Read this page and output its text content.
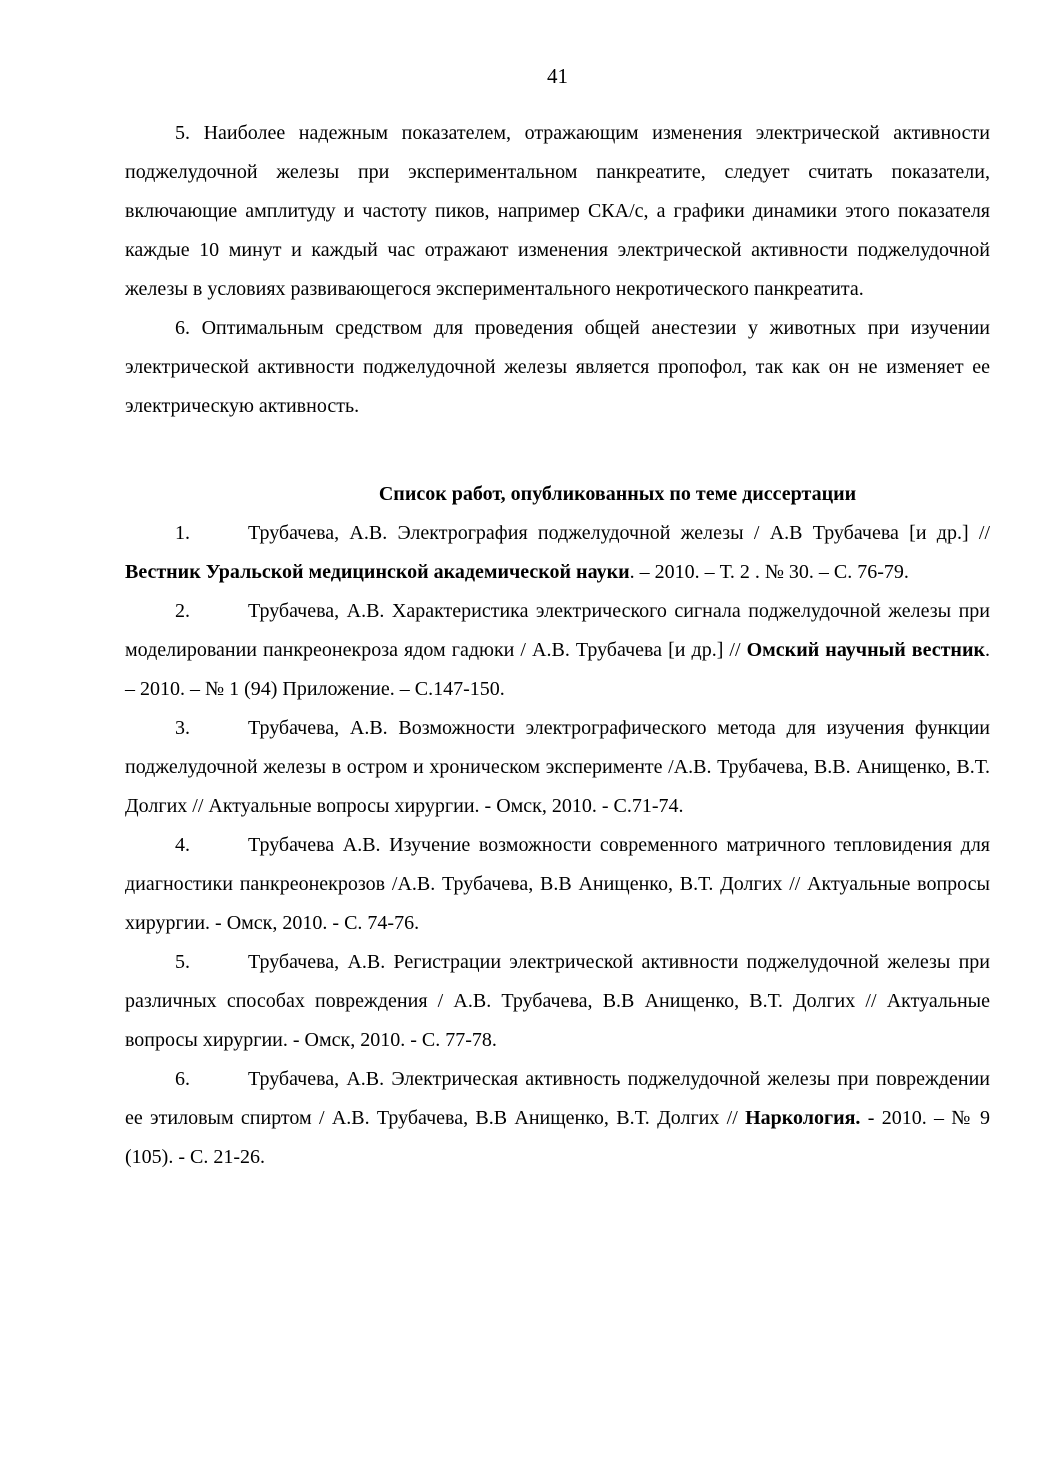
41

5. Наиболее надежным показателем, отражающим изменения электрической активности поджелудочной железы при экспериментальном панкреатите, следует считать показатели, включающие амплитуду и частоту пиков, например СКА/с, а графики динамики этого показателя каждые 10 минут и каждый час отражают изменения электрической активности поджелудочной железы в условиях развивающегося экспериментального некротического панкреатита.

6. Оптимальным средством для проведения общей анестезии у животных при изучении электрической активности поджелудочной железы является пропофол, так как он не изменяет ее электрическую активность.

Список работ, опубликованных по теме диссертации

1.	Трубачева, А.В. Электрография поджелудочной железы / А.В Трубачева [и др.] // Вестник Уральской медицинской академической науки. – 2010. – Т. 2 . № 30. – С. 76-79.

2.	Трубачева, А.В. Характеристика электрического сигнала поджелудочной железы при моделировании панкреонекроза ядом гадюки / А.В. Трубачева [и др.] // Омский научный вестник. – 2010. – № 1 (94) Приложение. – С.147-150.

3.	Трубачева, А.В. Возможности электрографического метода для изучения функции поджелудочной железы в остром и хроническом эксперименте /А.В. Трубачева, В.В. Анищенко, В.Т. Долгих // Актуальные вопросы хирургии. - Омск, 2010. - С.71-74.

4.	Трубачева А.В. Изучение возможности современного матричного тепловидения для диагностики панкреонекрозов /А.В. Трубачева, В.В Анищенко, В.Т. Долгих // Актуальные вопросы хирургии. - Омск, 2010. - С. 74-76.

5.	Трубачева, А.В. Регистрации электрической активности поджелудочной железы при различных способах повреждения / А.В. Трубачева, В.В Анищенко, В.Т. Долгих // Актуальные вопросы хирургии. - Омск, 2010. - С. 77-78.

6.	Трубачева, А.В. Электрическая активность поджелудочной железы при повреждении ее этиловым спиртом / А.В. Трубачева, В.В Анищенко, В.Т. Долгих // Наркология. - 2010. – № 9 (105). - С. 21-26.
